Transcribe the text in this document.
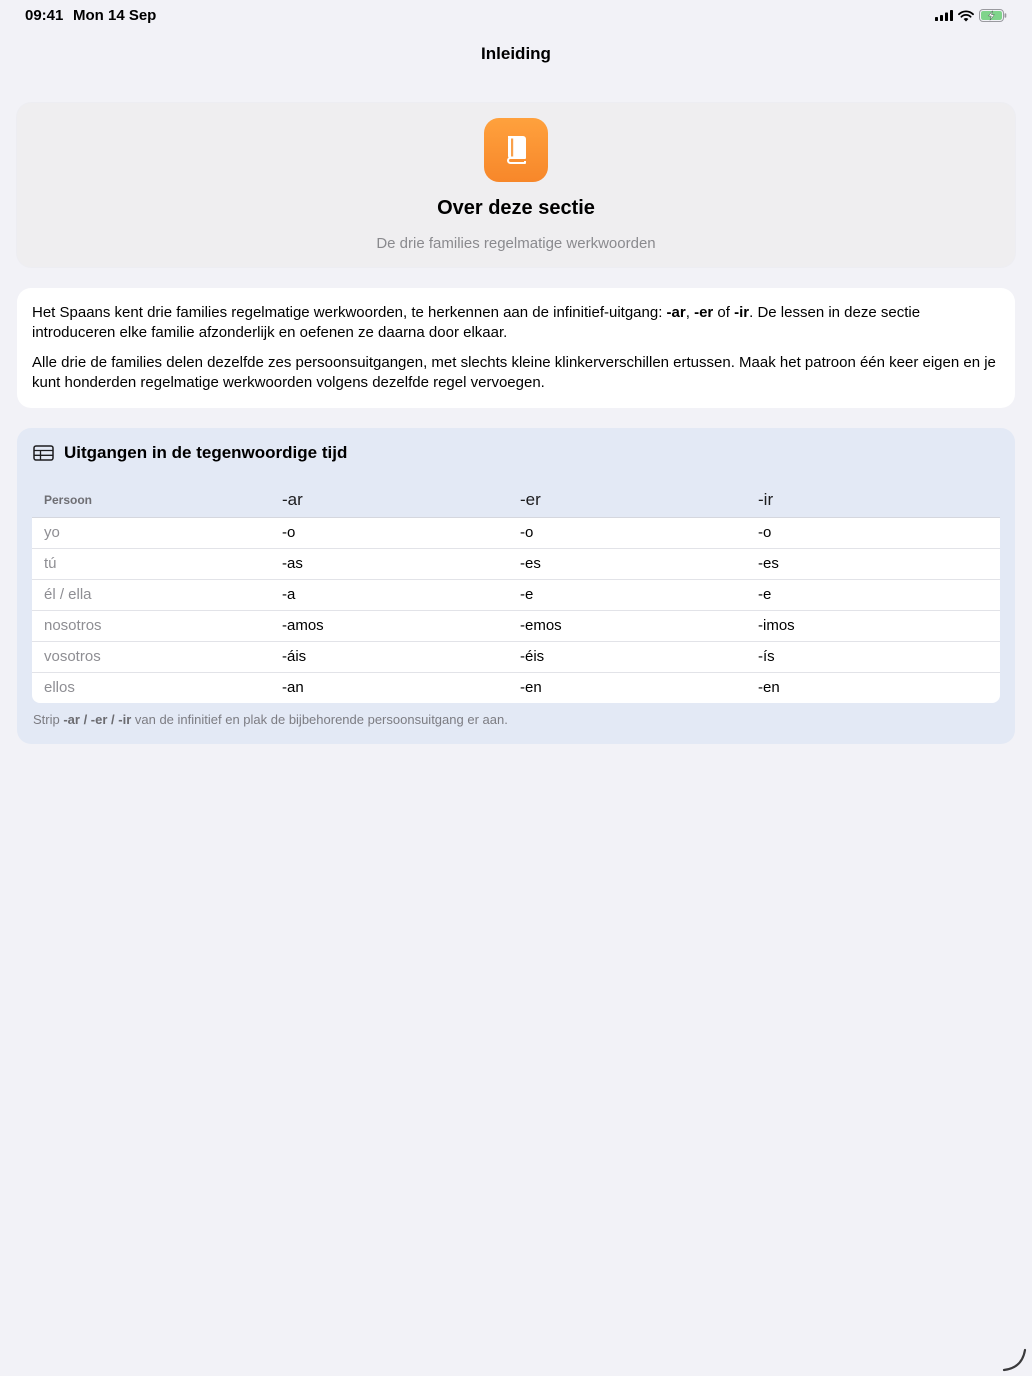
09:41 Mon 14 Sep
Inleiding
Over deze sectie
De drie families regelmatige werkwoorden

Het Spaans kent drie families regelmatige werkwoorden, te herkennen aan de infinitief-uitgang: -ar, -er of -ir. De lessen in deze sectie introduceren elke familie afzonderlijk en oefenen ze daarna door elkaar.

Alle drie de families delen dezelfde zes persoonsuitgangen, met slechts kleine klinkerverschillen ertussen. Maak het patroon één keer eigen en je kunt honderden regelmatige werkwoorden volgens dezelfde regel vervoegen.

Uitgangen in de tegenwoordige tijd
Persoon	-ar	-er	-ir
yo	-o	-o	-o
tú	-as	-es	-es
él / ella	-a	-e	-e
nosotros	-amos	-emos	-imos
vosotros	-áis	-éis	-ís
ellos	-an	-en	-en
Strip -ar / -er / -ir van de infinitief en plak de bijbehorende persoonsuitgang er aan.
